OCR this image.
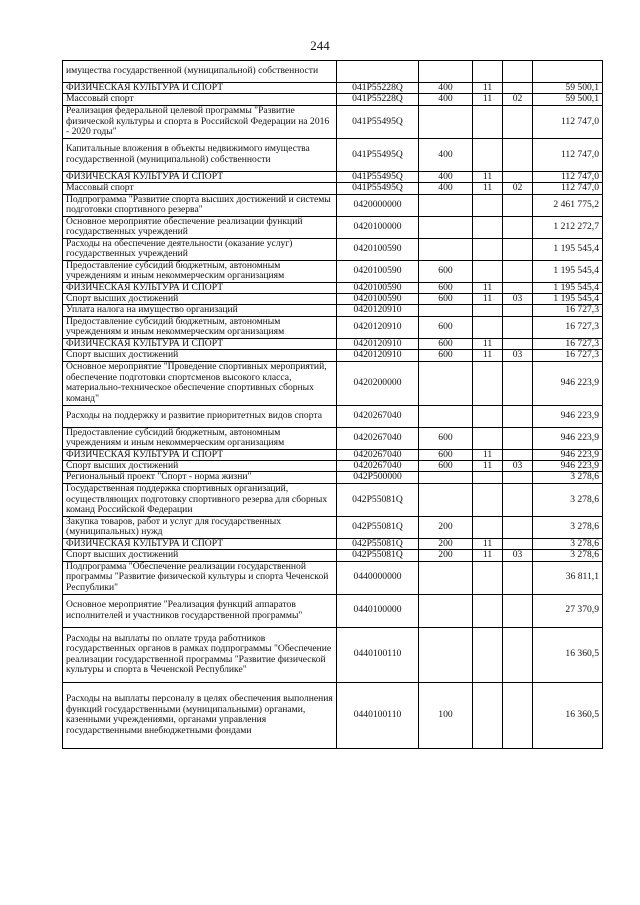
244
имущества государственной (муниципальной) собственности					
ФИЗИЧЕСКАЯ КУЛЬТУРА И СПОРТ	041P55228Q	400	11		59 500,1
Массовый спорт	041P55228Q	400	11	02	59 500,1
Реализация федеральной целевой программы "Развитие физической культуры и спорта в Российской Федерации на 2016 - 2020 годы"	041P55495Q				112 747,0
Капитальные вложения в объекты недвижимого имущества государственной (муниципальной) собственности	041P55495Q	400			112 747,0
ФИЗИЧЕСКАЯ КУЛЬТУРА И СПОРТ	041P55495Q	400	11		112 747,0
Массовый спорт	041P55495Q	400	11	02	112 747,0
Подпрограмма "Развитие спорта высших достижений и системы подготовки спортивного резерва"	0420000000				2 461 775,2
Основное мероприятие обеспечение реализации функций государственных учреждений	0420100000				1 212 272,7
Расходы на обеспечение деятельности (оказание услуг) государственных учреждений	0420100590				1 195 545,4
Предоставление субсидий бюджетным, автономным учреждениям и иным некоммерческим организациям	0420100590	600			1 195 545,4
ФИЗИЧЕСКАЯ КУЛЬТУРА И СПОРТ	0420100590	600	11		1 195 545,4
Спорт высших достижений	0420100590	600	11	03	1 195 545,4
Уплата налога на имущество организаций	0420120910				16 727,3
Предоставление субсидий бюджетным, автономным учреждениям и иным некоммерческим организациям	0420120910	600			16 727,3
ФИЗИЧЕСКАЯ КУЛЬТУРА И СПОРТ	0420120910	600	11		16 727,3
Спорт высших достижений	0420120910	600	11	03	16 727,3
Основное мероприятие "Проведение спортивных мероприятий, обеспечение подготовки спортсменов высокого класса, материально-техническое обеспечение спортивных сборных команд"	0420200000				946 223,9
Расходы на поддержку и развитие приоритетных видов спорта	0420267040				946 223,9
Предоставление субсидий бюджетным, автономным учреждениям и иным некоммерческим организациям	0420267040	600			946 223,9
ФИЗИЧЕСКАЯ КУЛЬТУРА И СПОРТ	0420267040	600	11		946 223,9
Спорт высших достижений	0420267040	600	11	03	946 223,9
Региональный проект "Спорт - норма жизни"	042P500000				3 278,6
Государственная поддержка спортивных организаций, осуществляющих подготовку спортивного резерва для сборных команд Российской Федерации	042P55081Q				3 278,6
Закупка товаров, работ и услуг для государственных (муниципальных) нужд	042P55081Q	200			3 278,6
ФИЗИЧЕСКАЯ КУЛЬТУРА И СПОРТ	042P55081Q	200	11		3 278,6
Спорт высших достижений	042P55081Q	200	11	03	3 278,6
Подпрограмма "Обеспечение реализации государственной программы "Развитие физической культуры и спорта Чеченской Республики"	0440000000				36 811,1
Основное мероприятие "Реализация функций аппаратов исполнителей и участников государственной программы"	0440100000				27 370,9
Расходы на выплаты по оплате труда работников государственных органов в рамках подпрограммы "Обеспечение реализации государственной программы "Развитие физической культуры и спорта в Чеченской Республике"	0440100110				16 360,5
Расходы на выплаты персоналу в целях обеспечения выполнения функций государственными (муниципальными) органами, казенными учреждениями, органами управления государственными внебюджетными фондами	0440100110	100			16 360,5
